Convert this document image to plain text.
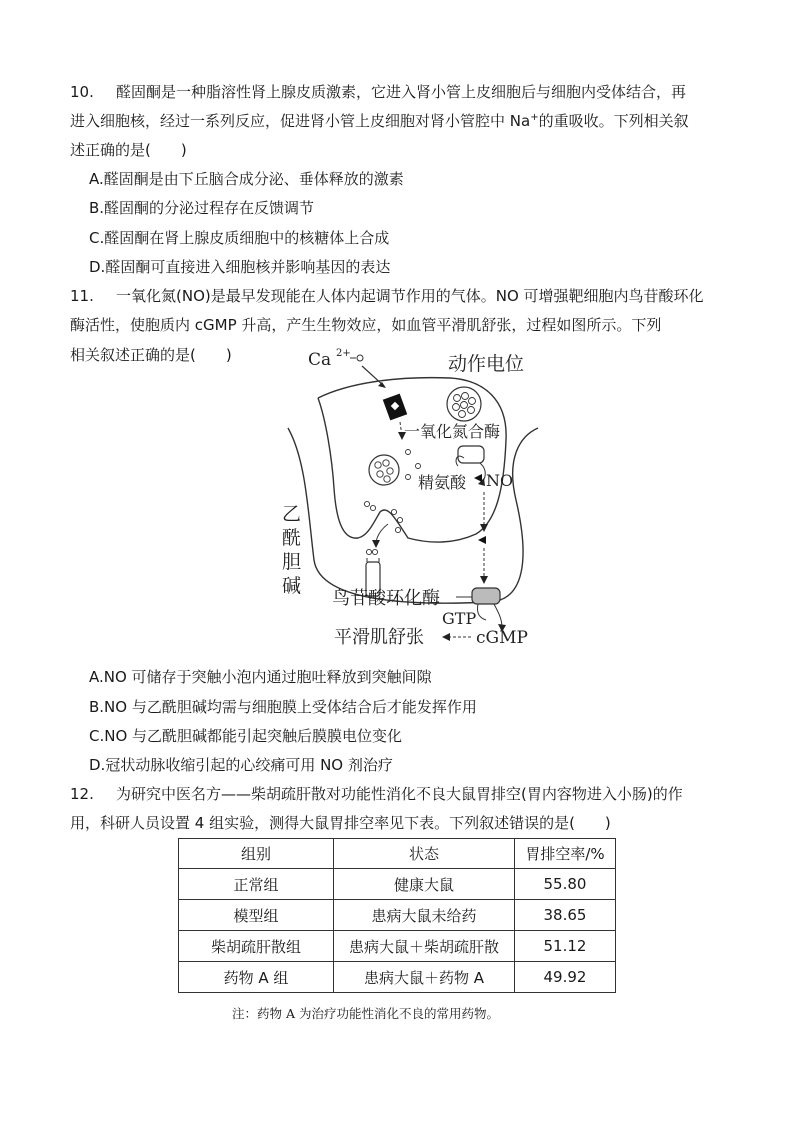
10. 醛固酮是一种脂溶性肾上腺皮质激素，它进入肾小管上皮细胞后与细胞内受体结合，再
进入细胞核，经过一系列反应，促进肾小管上皮细胞对肾小管腔中 Na+的重吸收。下列相关叙
述正确的是(　　)
A.醛固酮是由下丘脑合成分泌、垂体释放的激素
B.醛固酮的分泌过程存在反馈调节
C.醛固酮在肾上腺皮质细胞中的核糖体上合成
D.醛固酮可直接进入细胞核并影响基因的表达
11. 一氧化氮(NO)是最早发现能在人体内起调节作用的气体。NO 可增强靶细胞内鸟苷酸环化
酶活性，使胞质内 cGMP 升高，产生生物效应，如血管平滑肌舒张，过程如图所示。下列
相关叙述正确的是(　　)	Ca 2+	动作电位
一氧化氮合酶
精氨酸 NO
乙
酰
胆
碱
鸟苷酸环化酶
GTP
cGMP
平滑肌舒张
A.NO 可储存于突触小泡内通过胞吐释放到突触间隙
B.NO 与乙酰胆碱均需与细胞膜上受体结合后才能发挥作用
C.NO 与乙酰胆碱都能引起突触后膜膜电位变化
D.冠状动脉收缩引起的心绞痛可用 NO 剂治疗
12. 为研究中医名方——柴胡疏肝散对功能性消化不良大鼠胃排空(胃内容物进入小肠)的作
用，科研人员设置 4 组实验，测得大鼠胃排空率见下表。下列叙述错误的是(　　)
组别	状态	胃排空率/%
正常组	健康大鼠	55.80
模型组	患病大鼠未给药	38.65
柴胡疏肝散组	患病大鼠＋柴胡疏肝散	51.12
药物 A 组	患病大鼠＋药物 A	49.92
注：药物 A 为治疗功能性消化不良的常用药物。
